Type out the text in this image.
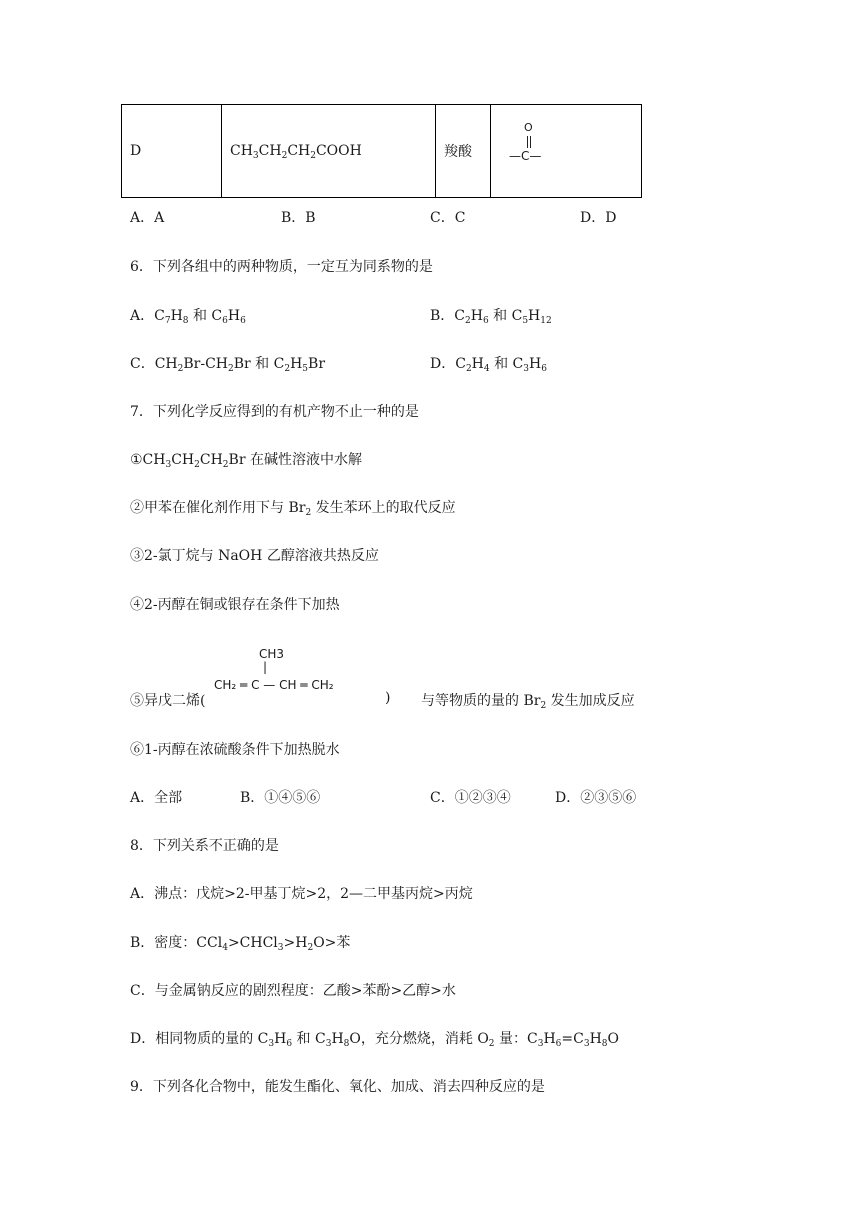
D	$CH_3CH_2CH_2COOH$	羧酸	
O
—C—
A．A	B．B	C．C	D．D
6．下列各组中的两种物质，一定互为同系物的是
A．$C_7H_8$ 和 $C_6H_6$	B．$C_2H_6$ 和 $C_5H_{12}$
C．$CH_2Br-CH_2Br$ 和 $C_2H_5Br$	D．$C_2H_4$ 和 $C_3H_6$
7．下列化学反应得到的有机产物不止一种的是
$①CH_3CH_2CH_2Br$ 在碱性溶液中水解
②甲苯在催化剂作用下与 $Br_2$ 发生苯环上的取代反应
③2-氯丁烷与 NaOH 乙醇溶液共热反应
④2-丙醇在铜或银存在条件下加热
⑤异戊二烯(
CH3
|
CH₂ ═ C — CH ═ CH₂
) 与等物质的量的 $Br_2$ 发生加成反应
⑥1-丙醇在浓硫酸条件下加热脱水
A．全部	B．①④⑤⑥	C．①②③④	D．②③⑤⑥
8．下列关系不正确的是
A．沸点：戊烷>2-甲基丁烷>2，2—二甲基丙烷>丙烷
B．密度：$CCl_4>CHCl_3>H_2O>$苯
C．与金属钠反应的剧烈程度：乙酸>苯酚>乙醇>水
D．相同物质的量的 $C_3H_6$ 和 $C_3H_8O$，充分燃烧，消耗 $O_2$ 量：$C_3H_6=C_3H_8O$
9．下列各化合物中，能发生酯化、氧化、加成、消去四种反应的是
